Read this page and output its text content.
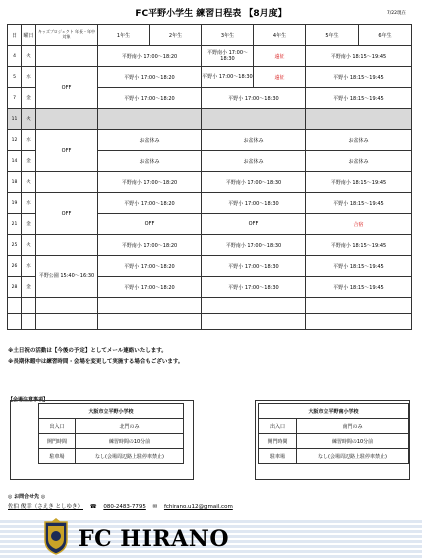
FC平野小学生 練習日程表 【8月度】	7/22現在
日	曜日	キッズプロジェクト 年長・年中対象	1年生	2年生	3年生	4年生	5年生	6年生
4	火		平野南小 17:00～18:20		平野南小 17:00～18:30	遠征	平野南小 18:15～19:45	
5	水	OFF	平野小 17:00～18:20		平野小 17:00～18:30	遠征	平野小 18:15～19:45	
7	金		平野小 17:00～18:20		平野小 17:00～18:30		平野小 18:15～19:45	
11	火							
12	水	OFF	お盆休み		お盆休み		お盆休み	
14	金		お盆休み		お盆休み		お盆休み	
18	火		平野南小 17:00～18:20		平野南小 17:00～18:30		平野南小 18:15～19:45	
19	水	OFF	平野小 17:00～18:20		平野小 17:00～18:30		平野小 18:15～19:45	
21	金		OFF		OFF		合宿	
25	火		平野南小 17:00～18:20		平野南小 17:00～18:30		平野南小 18:15～19:45	
26	水	平野公園 15:40～16:30	平野小 17:00～18:20		平野小 17:00～18:30		平野小 18:15～19:45	
28	金		平野小 17:00～18:20		平野小 17:00～18:30		平野小 18:15～19:45	

※土日祝の活動は【今後の予定】としてメール連絡いたします。
※長期休暇中は練習時間・会場を変更して実施する場合もございます。
【会場注意事項】
大阪市立平野小学校	
出入口	北門のみ
開門時間	練習時間の10分前
駐車場	なし(会場周辺路上駐停車禁止)
大阪市立平野南小学校	
出入口	南門のみ
開門時間	練習時間の10分前
駐車場	なし(会場周辺路上駐停車禁止)
◎ お問合せ先 ◎
佐伯 俊幸（さえき としゆき） ☎ 080-2483-7795 ✉ fchirano.u12@gmail.com
FC HIRANO
